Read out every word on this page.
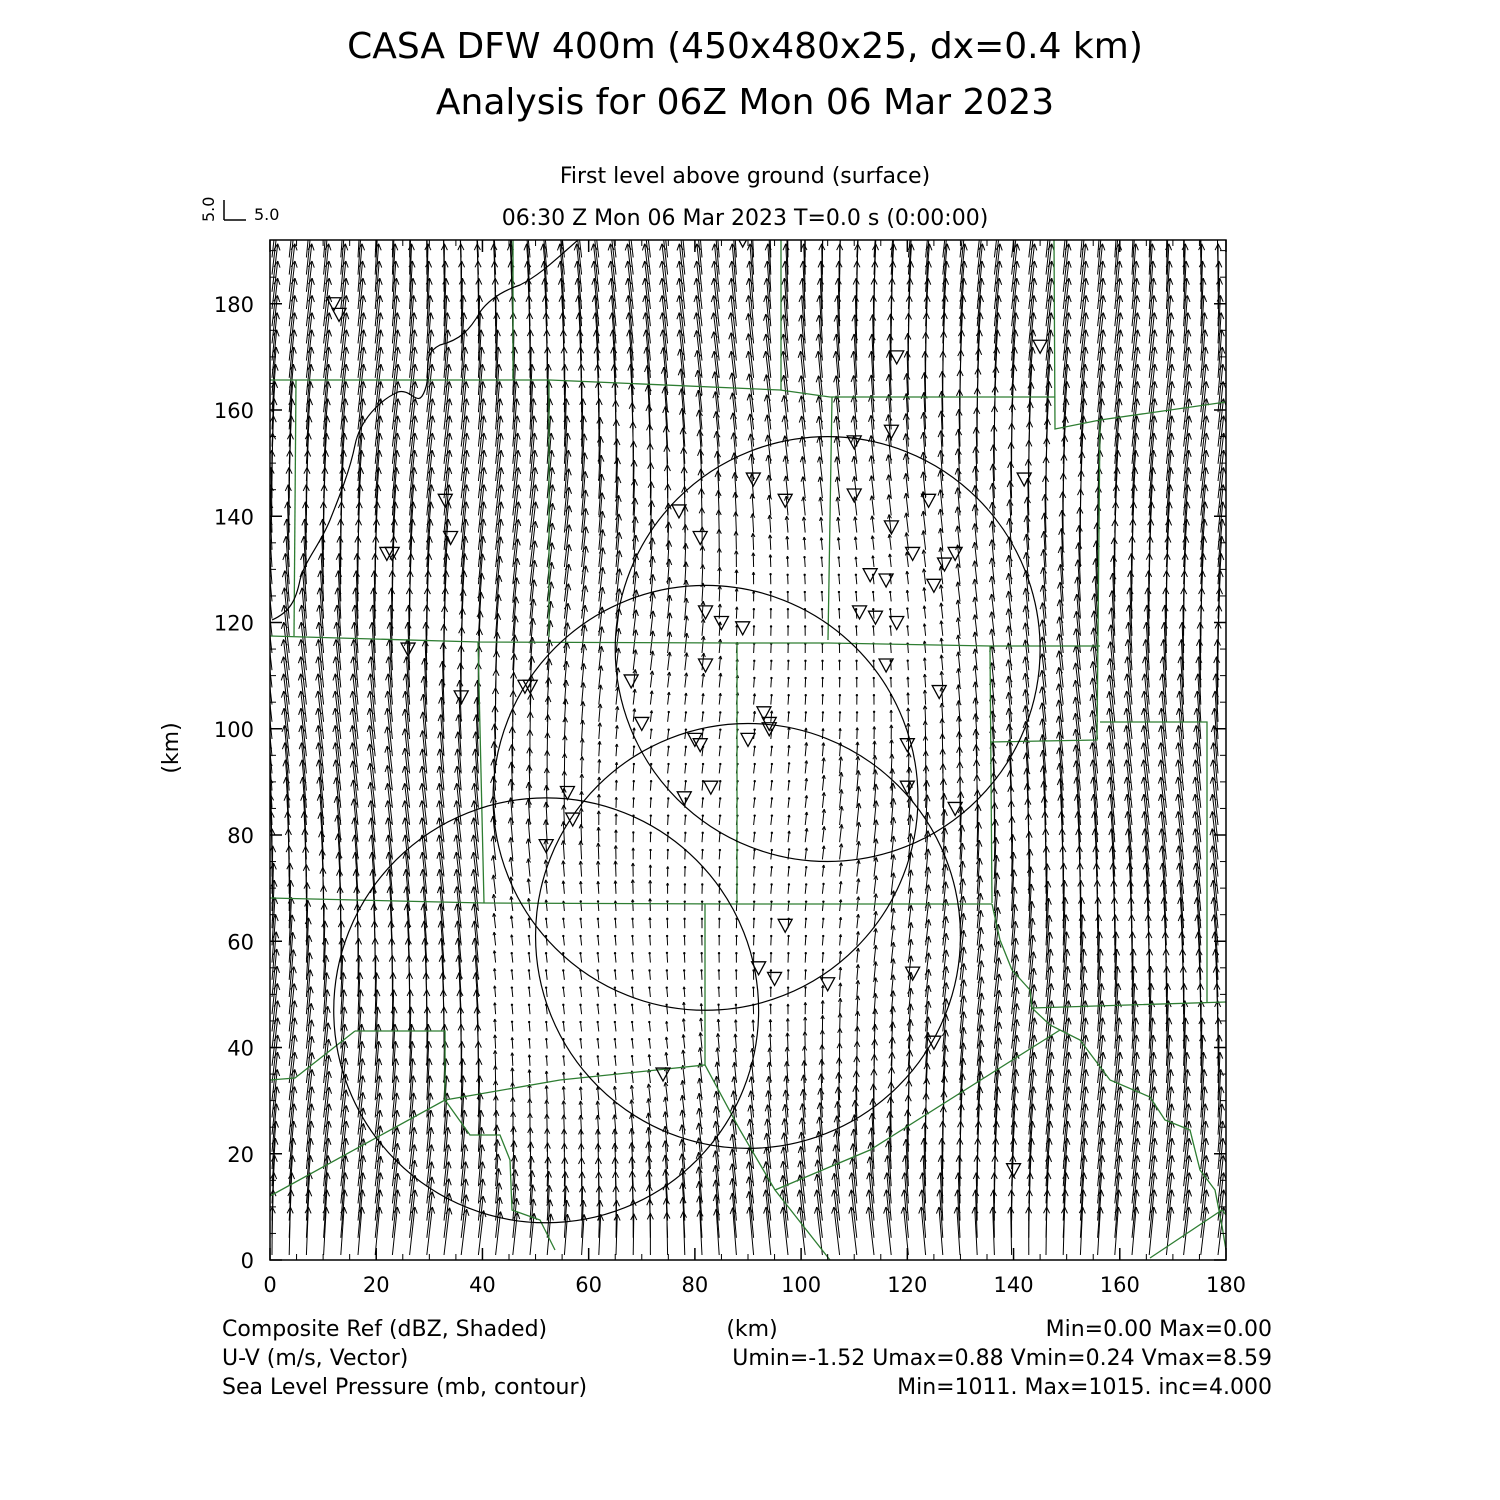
CASA DFW 400m (450x480x25, dx=0.4 km)
Analysis for 06Z Mon 06 Mar 2023
First level above ground (surface)
06:30 Z Mon 06 Mar 2023 T=0.0 s (0:00:00)
5.0 5.0
0	20	40	60	80	100	120	140	160	180
0
20
40
60
80
100
120
140
160
180
(km)
Composite Ref (dBZ, Shaded)	(km)	Min=0.00 Max=0.00
U-V (m/s, Vector)	Umin=-1.52 Umax=0.88 Vmin=0.24 Vmax=8.59
Sea Level Pressure (mb, contour)	Min=1011. Max=1015. inc=4.000
